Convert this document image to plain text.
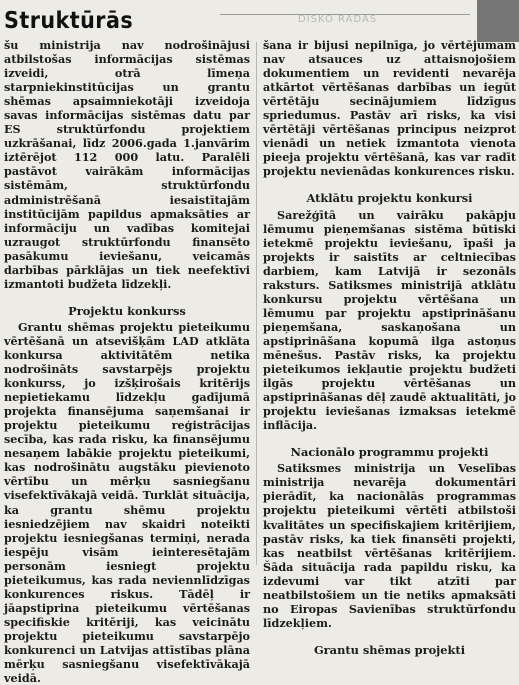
Struktūrās	DISKO RADAS

šu ministrija nav nodrošinājusi atbilstošas informācijas sistēmas izveidi, otrā līmeņa starpniekinstitūcijas un grantu shēmas apsaimniekotāji izveidoja savas informācijas sistēmas datu par ES struktūrfondu projektiem uzkrāšanai, līdz 2006.gada 1.janvārim iztērējot 112 000 latu. Paralēli pastāvot vairākām informācijas sistēmām, struktūrfondu administrēšanā iesaistītajām institūcijām papildus apmaksāties ar informāciju un vadības komitejai uzraugot struktūrfondu finansēto pasākumu ieviešanu, veicamās darbības pārklājas un tiek neefektīvi izmantoti budžeta līdzekļi.

Projektu konkurss

Grantu shēmas projektu pieteikumu vērtēšanā un atsevišķām LAD atklāta konkursa aktivitātēm netika nodrošināts savstarpējs projektu konkurss, jo izšķirošais kritērijs nepietiekamu līdzekļu gadījumā projekta finansējuma saņemšanai ir projektu pieteikumu reģistrācijas secība, kas rada risku, ka finansējumu nesaņem labākie projektu pieteikumi, kas nodrošinātu augstāku pievienoto vērtību un mērķu sasniegšanu visefektīvākajā veidā. Turklāt situācija, ka grantu shēmu projektu iesniedzējiem nav skaidri noteikti projektu iesniegšanas termiņi, nerada iespēju visām ieinteresētajām personām iesniegt projektu pieteikumus, kas rada neviennlīdzīgas konkurences riskus. Tādēļ ir jāapstiprina pieteikumu vērtēšanas specifiskie kritēriji, kas veicinātu projektu pieteikumu savstarpējo konkurenci un Latvijas attīstības plāna mērķu sasniegšanu visefektīvākajā veidā.

šana ir bijusi nepilnīga, jo vērtējumam nav atsauces uz attaisnojošiem dokumentiem un revidenti nevarēja atkārtot vērtēšanas darbības un iegūt vērtētāju secinājumiem līdzīgus spriedumus. Pastāv arī risks, ka visi vērtētāji vērtēšanas principus neizprot vienādi un netiek izmantota vienota pieeja projektu vērtēšanā, kas var radīt projektu nevienādas konkurences risku.

Atklātu projektu konkursi

Sarežģītā un vairāku pakāpju lēmumu pieņemšanas sistēma būtiski ietekmē projektu ieviešanu, īpaši ja projekts ir saistīts ar celtniecības darbiem, kam Latvijā ir sezonāls raksturs. Satiksmes ministrijā atklātu konkursu projektu vērtēšana un lēmumu par projektu apstiprināšanu pieņemšana, saskaņošana un apstiprināšana kopumā ilga astoņus mēnešus. Pastāv risks, ka projektu pieteikumos iekļautie projektu budžeti ilgās projektu vērtēšanas un apstiprināšanas dēļ zaudē aktualitāti, jo projektu ieviešanas izmaksas ietekmē inflācija.

Nacionālo programmu projekti

Satiksmes ministrija un Veselības ministrija nevarēja dokumentāri pierādīt, ka nacionālās programmas projektu pieteikumi vērtēti atbilstoši kvalitātes un specifiskajiem kritērijiem, pastāv risks, ka tiek finansēti projekti, kas neatbilst vērtēšanas kritērijiem. Šāda situācija rada papildu risku, ka izdevumi var tikt atzīti par neatbilstošiem un tie netiks apmaksāti no Eiropas Savienības struktūrfondu līdzekļiem.

Grantu shēmas projekti
